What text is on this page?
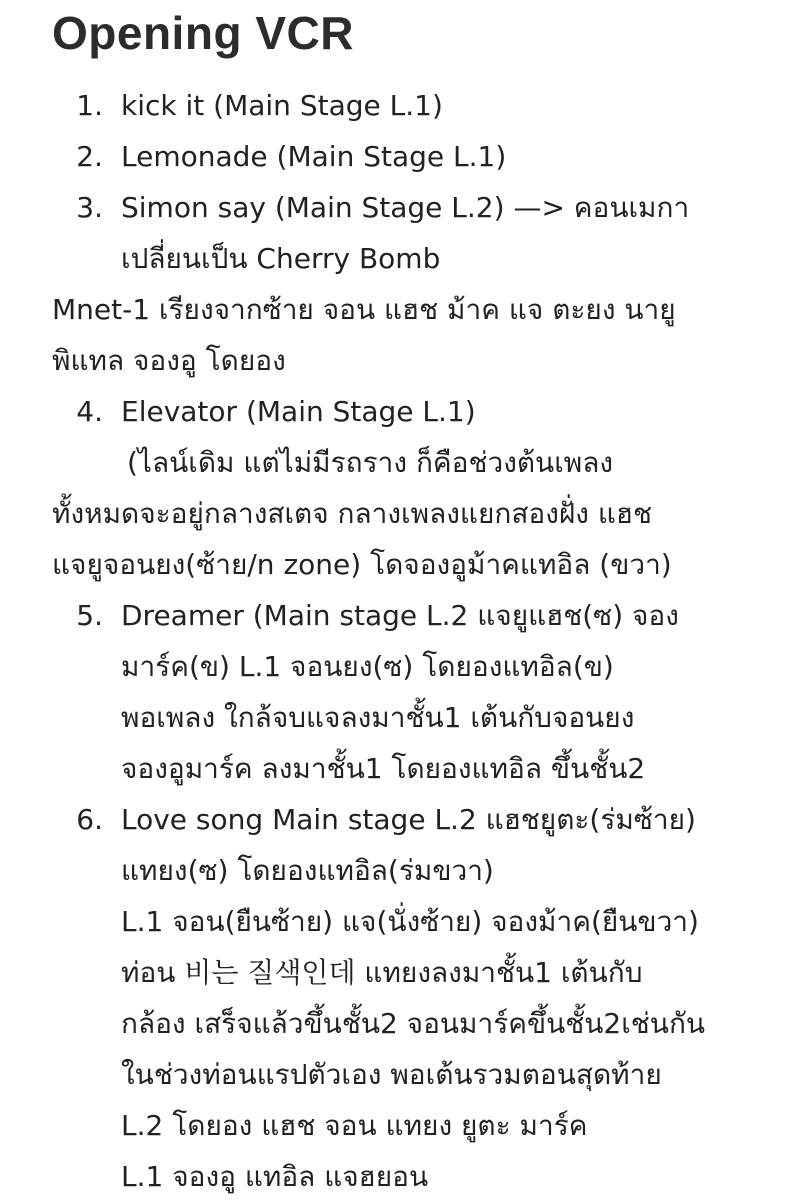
Opening VCR
1. kick it (Main Stage L.1)
2. Lemonade (Main Stage L.1)
3. Simon say (Main Stage L.2) —> คอนเมกา
เปลี่ยนเป็น Cherry Bomb
Mnet-1 เรียงจากซ้าย จอน แฮช ม้าค แจ ตะยง นายู
พิแทล จองอู โดยอง
4. Elevator (Main Stage L.1)
(ไลน์เดิม แต่ไม่มีรถราง ก็คือช่วงต้นเพลง
ทั้งหมดจะอยู่กลางสเตจ กลางเพลงแยกสองฝั่ง แฮช
แจยูจอนยง(ซ้าย/n zone) โดจองอูม้าคแทอิล (ขวา)
5. Dreamer (Main stage L.2 แจยูแฮช(ซ) จอง
มาร์ค(ข) L.1 จอนยง(ซ) โดยองแทอิล(ข)
พอเพลง ใกล้จบแจลงมาชั้น1 เต้นกับจอนยง
จองอูมาร์ค ลงมาชั้น1 โดยองแทอิล ขึ้นชั้น2
6. Love song Main stage L.2 แฮชยูตะ(ร่มซ้าย)
แทยง(ซ) โดยองแทอิล(ร่มขวา)
L.1 จอน(ยืนซ้าย) แจ(นั่งซ้าย) จองม้าค(ยืนขวา)
ท่อน 비는 질색인데 แทยงลงมาชั้น1 เต้นกับ
กล้อง เสร็จแล้วขึ้นชั้น2 จอนมาร์คขึ้นชั้น2เช่นกัน
ในช่วงท่อนแรปตัวเอง พอเต้นรวมตอนสุดท้าย
L.2 โดยอง แฮช จอน แทยง ยูตะ มาร์ค
L.1 จองอู แทอิล แจฮยอน
